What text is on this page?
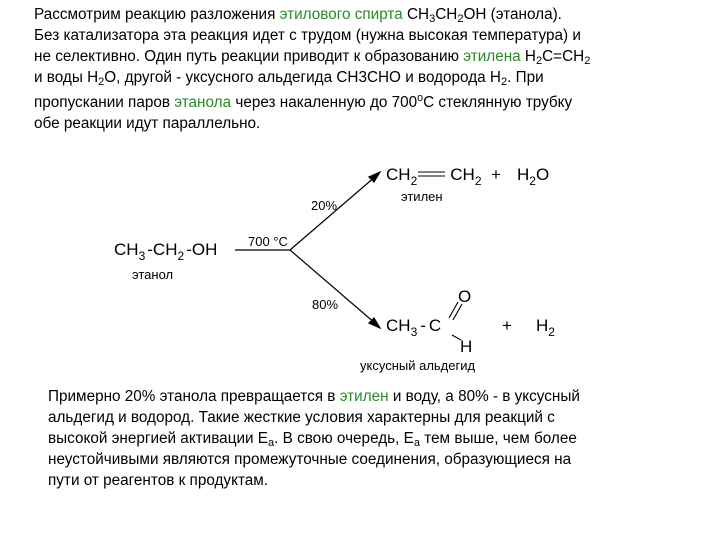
Рассмотрим реакцию разложения этилового спирта $CH_3CH_2OH$ (этанола).
Без катализатора эта реакция идет с трудом (нужна высокая температура) и
не селективно. Один путь реакции приводит к образованию этилена $H_2C=CH_2$
и воды $H_2O$, другой - уксусного альдегида CH3CHO и водорода $H_2$. При
пропускании паров этанола через накаленную до 700$^o$C стеклянную трубку
обе реакции идут параллельно.
$CH_3$ $-CH_2$ -OH
этанол
700 °C
20%
$CH_2$ $CH_2 + H_2O$
этилен
80%
$CH_3$ - C
O
H
+ $H_2$
уксусный альдегид
Примерно 20% этанола превращается в этилен и воду, а 80% - в уксусный
альдегид и водород. Такие жесткие условия характерны для реакций с
высокой энергией активации $E_a$. В свою очередь, $E_a$ тем выше, чем более
неустойчивыми являются промежуточные соединения, образующиеся на
пути от реагентов к продуктам.
